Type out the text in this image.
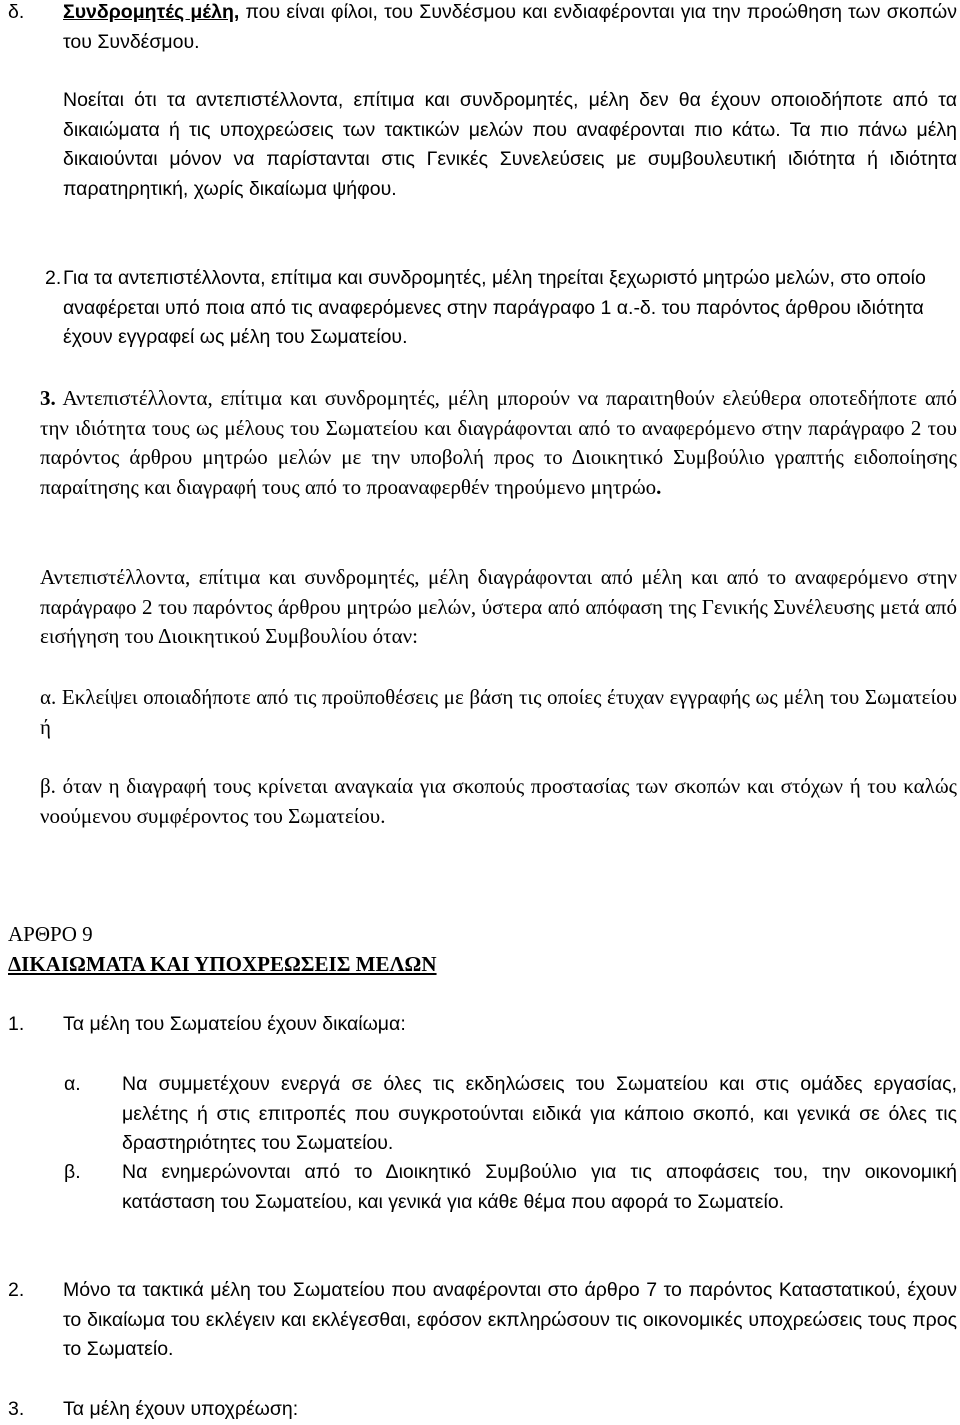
δ. Συνδρομητές μέλη, που είναι φίλοι, του Συνδέσμου και ενδιαφέρονται για την προώθηση των σκοπών του Συνδέσμου.
Νοείται ότι τα αντεπιστέλλοντα, επίτιμα και συνδρομητές, μέλη δεν θα έχουν οποιοδήποτε από τα δικαιώματα ή τις υποχρεώσεις των τακτικών μελών που αναφέρονται πιο κάτω. Τα πιο πάνω μέλη δικαιούνται μόνον να παρίστανται στις Γενικές Συνελεύσεις με συμβουλευτική ιδιότητα ή ιδιότητα παρατηρητική, χωρίς δικαίωμα ψήφου.
2. Για τα αντεπιστέλλοντα, επίτιμα και συνδρομητές, μέλη τηρείται ξεχωριστό μητρώο μελών, στο οποίο αναφέρεται υπό ποια από τις αναφερόμενες στην παράγραφο 1 α.-δ. του παρόντος άρθρου ιδιότητα έχουν εγγραφεί ως μέλη του Σωματείου.
3. Αντεπιστέλλοντα, επίτιμα και συνδρομητές, μέλη μπορούν να παραιτηθούν ελεύθερα οποτεδήποτε από την ιδιότητα τους ως μέλους του Σωματείου και διαγράφονται από το αναφερόμενο στην παράγραφο 2 του παρόντος άρθρου μητρώο μελών με την υποβολή προς το Διοικητικό Συμβούλιο γραπτής ειδοποίησης παραίτησης και διαγραφή τους από το προαναφερθέν τηρούμενο μητρώο.
Αντεπιστέλλοντα, επίτιμα και συνδρομητές, μέλη διαγράφονται από μέλη και από το αναφερόμενο στην παράγραφο 2 του παρόντος άρθρου μητρώο μελών, ύστερα από απόφαση της Γενικής Συνέλευσης μετά από εισήγηση του Διοικητικού Συμβουλίου όταν:
α. Εκλείψει οποιαδήποτε από τις προϋποθέσεις με βάση τις οποίες έτυχαν εγγραφής ως μέλη του Σωματείου ή
β. όταν η διαγραφή τους κρίνεται αναγκαία για σκοπούς προστασίας των σκοπών και στόχων ή του καλώς νοούμενου συμφέροντος του Σωματείου.
ΑΡΘΡΟ 9
ΔΙΚΑΙΩΜΑΤΑ ΚΑΙ ΥΠΟΧΡΕΩΣΕΙΣ ΜΕΛΩΝ
1. Τα μέλη του Σωματείου έχουν δικαίωμα:
α. Να συμμετέχουν ενεργά σε όλες τις εκδηλώσεις του Σωματείου και στις ομάδες εργασίας, μελέτης ή στις επιτροπές που συγκροτούνται ειδικά για κάποιο σκοπό, και γενικά σε όλες τις δραστηριότητες του Σωματείου.
β. Να ενημερώνονται από το Διοικητικό Συμβούλιο για τις αποφάσεις του, την οικονομική κατάσταση του Σωματείου, και γενικά για κάθε θέμα που αφορά το Σωματείο.
2. Μόνο τα τακτικά μέλη του Σωματείου που αναφέρονται στο άρθρο 7 το παρόντος Καταστατικού, έχουν το δικαίωμα του εκλέγειν και εκλέγεσθαι, εφόσον εκπληρώσουν τις οικονομικές υποχρεώσεις τους προς το Σωματείο.
3. Τα μέλη έχουν υποχρέωση:
